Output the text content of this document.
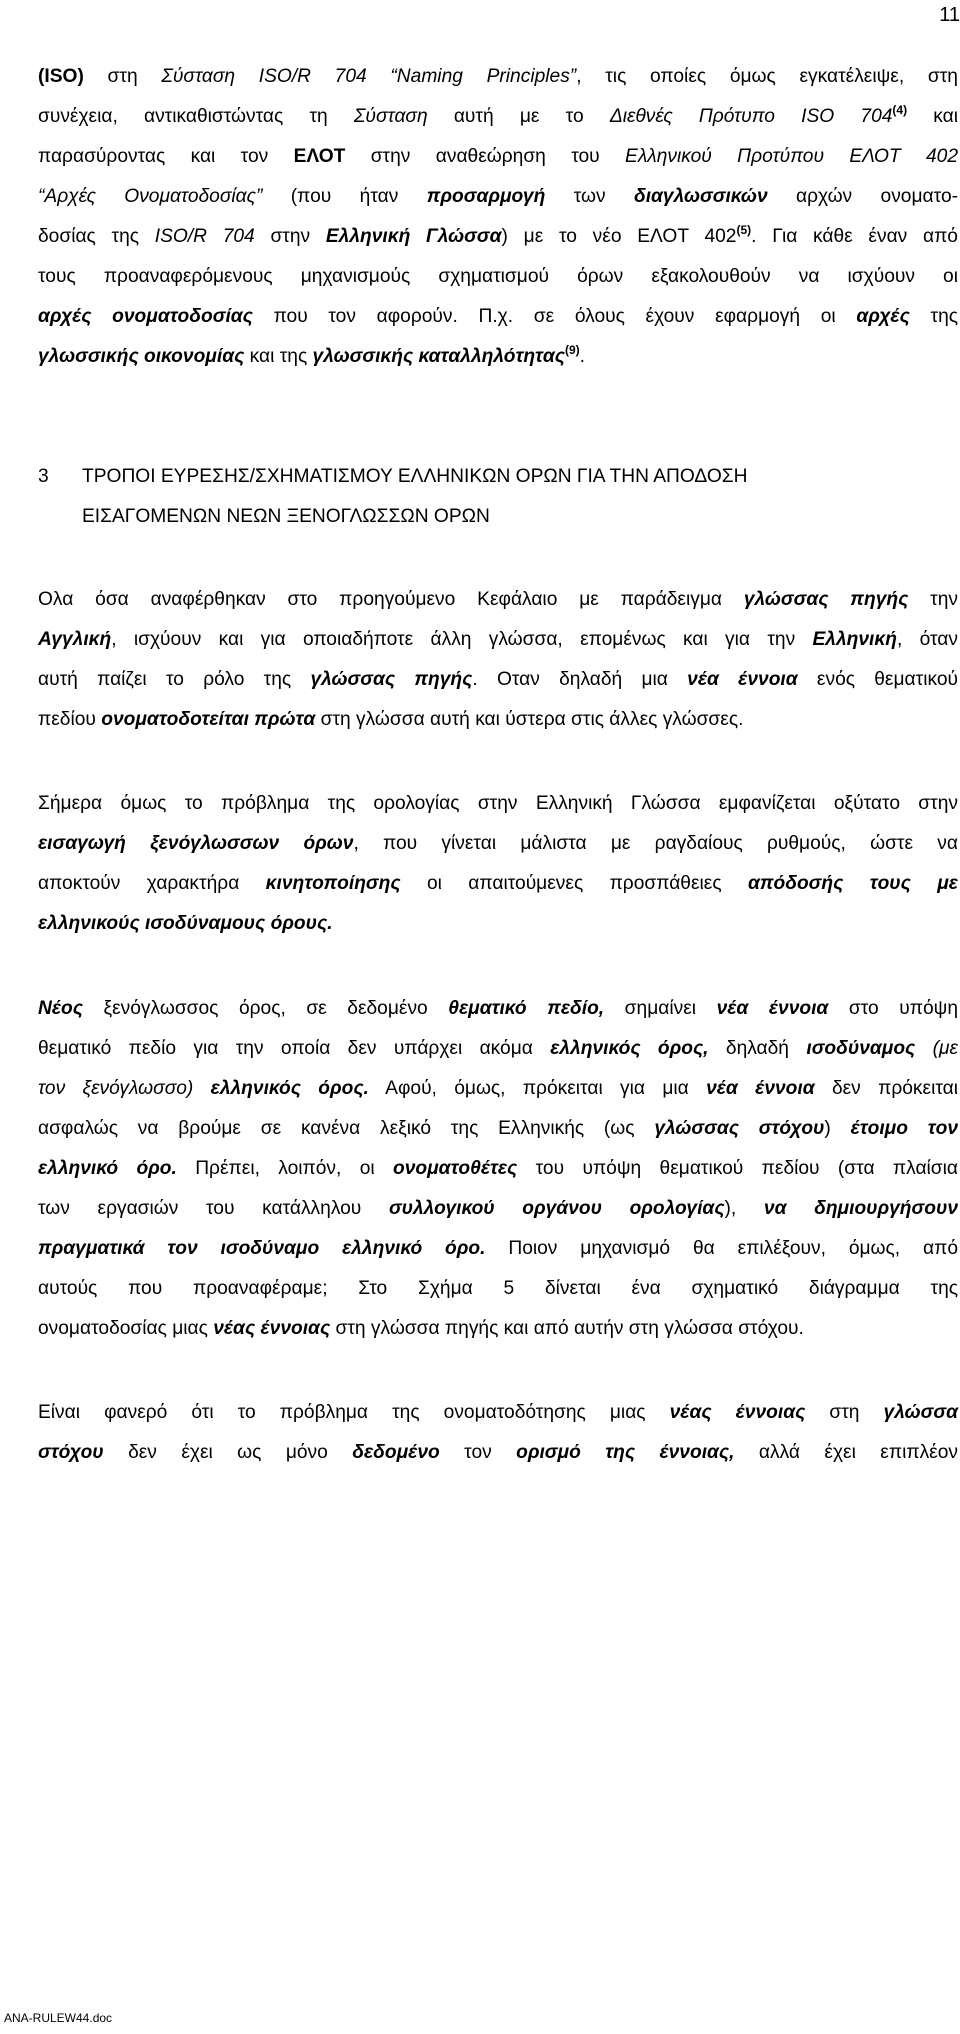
11
(ISO) στη Σύσταση ISO/R 704 “Naming Principles”, τις οποίες όμως εγκατέλειψε, στη
συνέχεια, αντικαθιστώντας τη Σύσταση αυτή με το Διεθνές Πρότυπο ISO 704$^{(4)}$ και
παρασύροντας και τον ΕΛΟΤ στην αναθεώρηση του Ελληνικού Προτύπου ΕΛΟΤ 402
“Αρχές Ονοματοδοσίας” (που ήταν προσαρμογή των διαγλωσσικών αρχών ονοματο-
δοσίας της ISO/R 704 στην Ελληνική Γλώσσα) με το νέο ΕΛΟΤ 402$^{(5)}$. Για κάθε έναν από
τους προαναφερόμενους μηχανισμούς σχηματισμού όρων εξακολουθούν να ισχύουν οι
αρχές ονοματοδοσίας που τον αφορούν. Π.χ. σε όλους έχουν εφαρμογή οι αρχές της
γλωσσικής οικονομίας και της γλωσσικής καταλληλότητας$^{(9)}$.
3 ΤΡΟΠΟΙ ΕΥΡΕΣΗΣ/ΣΧΗΜΑΤΙΣΜΟΥ ΕΛΛΗΝΙΚΩΝ ΟΡΩΝ ΓΙΑ ΤΗΝ ΑΠΟΔΟΣΗ
ΕΙΣΑΓΟΜΕΝΩΝ ΝΕΩΝ ΞΕΝΟΓΛΩΣΣΩΝ ΟΡΩΝ
Ολα όσα αναφέρθηκαν στο προηγούμενο Κεφάλαιο με παράδειγμα γλώσσας πηγής την
Αγγλική, ισχύουν και για οποιαδήποτε άλλη γλώσσα, επομένως και για την Ελληνική, όταν
αυτή παίζει το ρόλο της γλώσσας πηγής. Οταν δηλαδή μια νέα έννοια ενός θεματικού
πεδίου ονοματοδοτείται πρώτα στη γλώσσα αυτή και ύστερα στις άλλες γλώσσες.
Σήμερα όμως το πρόβλημα της ορολογίας στην Ελληνική Γλώσσα εμφανίζεται οξύτατο στην
εισαγωγή ξενόγλωσσων όρων, που γίνεται μάλιστα με ραγδαίους ρυθμούς, ώστε να
αποκτούν χαρακτήρα κινητοποίησης οι απαιτούμενες προσπάθειες απόδοσής τους με
ελληνικούς ισοδύναμους όρους.
Νέος ξενόγλωσσος όρος, σε δεδομένο θεματικό πεδίο, σημαίνει νέα έννοια στο υπόψη
θεματικό πεδίο για την οποία δεν υπάρχει ακόμα ελληνικός όρος, δηλαδή ισοδύναμος (με
τον ξενόγλωσσο) ελληνικός όρος. Αφού, όμως, πρόκειται για μια νέα έννοια δεν πρόκειται
ασφαλώς να βρούμε σε κανένα λεξικό της Ελληνικής (ως γλώσσας στόχου) έτοιμο τον
ελληνικό όρο. Πρέπει, λοιπόν, οι ονοματοθέτες του υπόψη θεματικού πεδίου (στα πλαίσια
των εργασιών του κατάλληλου συλλογικού οργάνου ορολογίας), να δημιουργήσουν
πραγματικά τον ισοδύναμο ελληνικό όρο. Ποιον μηχανισμό θα επιλέξουν, όμως, από
αυτούς που προαναφέραμε; Στο Σχήμα 5 δίνεται ένα σχηματικό διάγραμμα της
ονοματοδοσίας μιας νέας έννοιας στη γλώσσα πηγής και από αυτήν στη γλώσσα στόχου.
Είναι φανερό ότι το πρόβλημα της ονοματοδότησης μιας νέας έννοιας στη γλώσσα
στόχου δεν έχει ως μόνο δεδομένο τον ορισμό της έννοιας, αλλά έχει επιπλέον
ANA-RULEW44.doc
